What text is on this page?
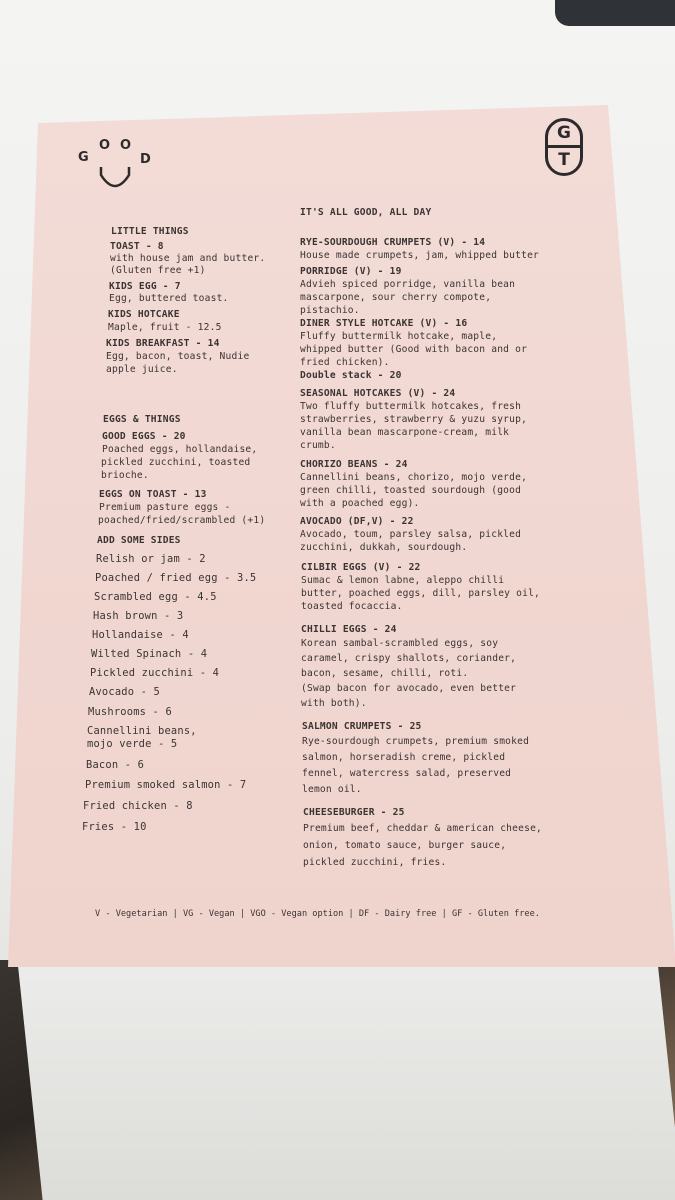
G
O O
D
G
T
LITTLE THINGS
TOAST - 8
with house jam and butter.
(Gluten free +1)
KIDS EGG - 7
Egg, buttered toast.
KIDS HOTCAKE
Maple, fruit - 12.5
KIDS BREAKFAST - 14
Egg, bacon, toast, Nudie
apple juice.
EGGS & THINGS
GOOD EGGS - 20
Poached eggs, hollandaise,
pickled zucchini, toasted
brioche.
EGGS ON TOAST - 13
Premium pasture eggs -
poached/fried/scrambled (+1)
ADD SOME SIDES
Relish or jam - 2
Poached / fried egg - 3.5
Scrambled egg - 4.5
Hash brown - 3
Hollandaise - 4
Wilted Spinach - 4
Pickled zucchini - 4
Avocado - 5
Mushrooms - 6
Cannellini beans,
mojo verde - 5
Bacon - 6
Premium smoked salmon - 7
Fried chicken - 8
Fries - 10
IT'S ALL GOOD, ALL DAY
RYE-SOURDOUGH CRUMPETS (V) - 14
House made crumpets, jam, whipped butter
PORRIDGE (V) - 19
Advieh spiced porridge, vanilla bean
mascarpone, sour cherry compote,
pistachio.
DINER STYLE HOTCAKE (V) - 16
Fluffy buttermilk hotcake, maple,
whipped butter (Good with bacon and or
fried chicken).
Double stack - 20
SEASONAL HOTCAKES (V) - 24
Two fluffy buttermilk hotcakes, fresh
strawberries, strawberry & yuzu syrup,
vanilla bean mascarpone-cream, milk
crumb.
CHORIZO BEANS - 24
Cannellini beans, chorizo, mojo verde,
green chilli, toasted sourdough (good
with a poached egg).
AVOCADO (DF,V) - 22
Avocado, toum, parsley salsa, pickled
zucchini, dukkah, sourdough.
CILBIR EGGS (V) - 22
Sumac & lemon labne, aleppo chilli
butter, poached eggs, dill, parsley oil,
toasted focaccia.
CHILLI EGGS - 24
Korean sambal-scrambled eggs, soy
caramel, crispy shallots, coriander,
bacon, sesame, chilli, roti.
(Swap bacon for avocado, even better
with both).
SALMON CRUMPETS - 25
Rye-sourdough crumpets, premium smoked
salmon, horseradish creme, pickled
fennel, watercress salad, preserved
lemon oil.
CHEESEBURGER - 25
Premium beef, cheddar & american cheese,
onion, tomato sauce, burger sauce,
pickled zucchini, fries.
V - Vegetarian | VG - Vegan | VGO - Vegan option | DF - Dairy free | GF - Gluten free.
